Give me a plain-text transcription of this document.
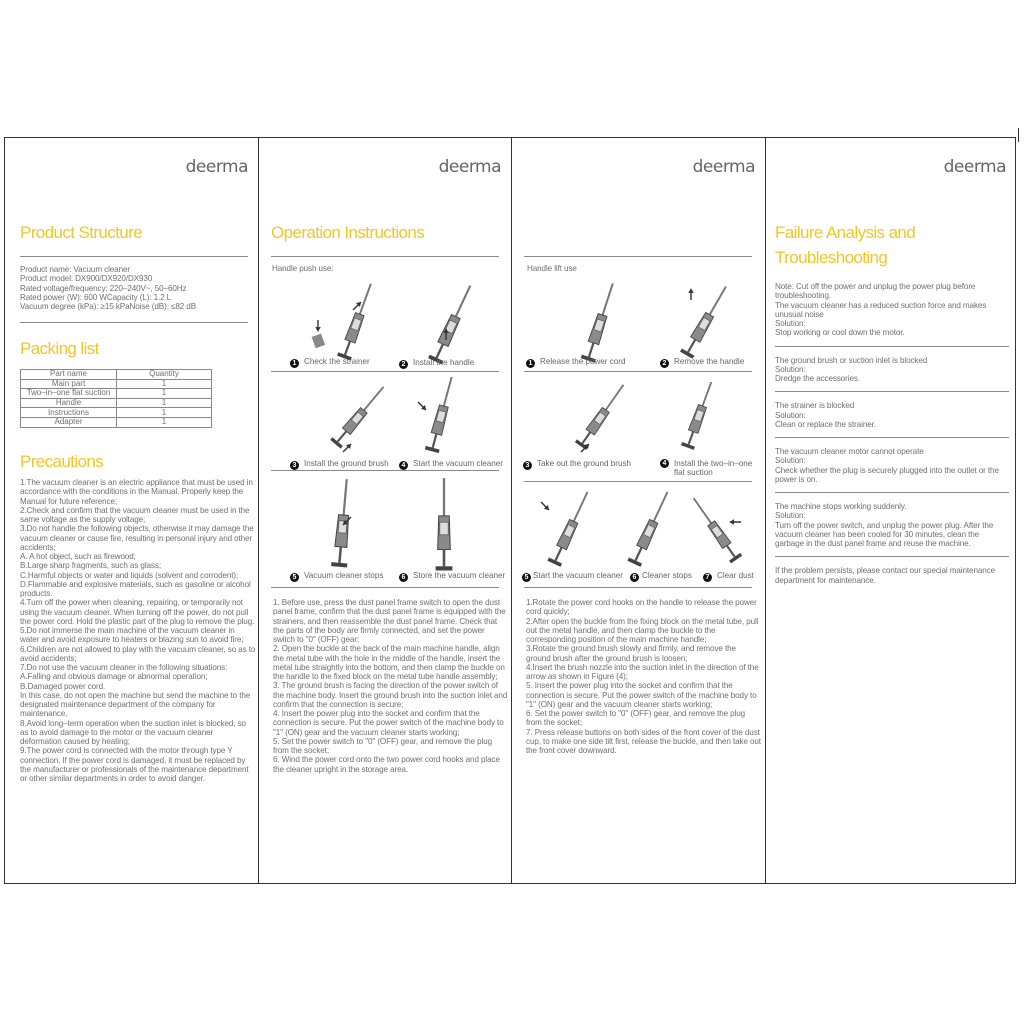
deerma
Product Structure

Product name: Vacuum cleaner

Product model: DX900/DX920/DX930

Rated voltage/frequency: 220–240V~, 50–60Hz

Rated power (W): 600 WCapacity (L): 1.2 L

Vacuum degree (kPa): ≥15 kPaNoise (dB): ≤82 dB

Packing list
Part name	Quantity
Main part	1
Two–in–one flat suction	1
Handle	1
Instructions	1
Adapter	1
Precautions

1.The vacuum cleaner is an electric appliance that must be used in accordance with the conditions in the Manual. Properly keep the Manual for future reference;

2.Check and confirm that the vacuum cleaner must be used in the same voltage as the supply voltage;

3.Do not handle the following objects, otherwise it may damage the vacuum cleaner or cause fire, resulting in personal injury and other accidents;

A. A hot object, such as firewood;

B.Large sharp fragments, such as glass;

C.Harmful objects or water and liquids (solvent and corrodent);

D.Flammable and explosive materials, such as gasoline or alcohol products.

4.Turn off the power when cleaning, repairing, or temporarily not using the vacuum cleaner. When turning off the power, do not pull the power cord. Hold the plastic part of the plug to remove the plug.

5.Do not immerse the main machine of the vacuum cleaner in water and avoid exposure to heaters or blazing sun to avoid fire;

6.Children are not allowed to play with the vacuum cleaner, so as to avoid accidents;

7.Do not use the vacuum cleaner in the following situations:

A.Falling and obvious damage or abnormal operation;

B.Damaged power cord.

In this case, do not open the machine but send the machine to the designated maintenance department of the company for maintenance.

8.Avoid long–term operation when the suction inlet is blocked, so as to avoid damage to the motor or the vacuum cleaner deformation caused by heating;

9.The power cord is connected with the motor through type Y connection. If the power cord is damaged, it must be replaced by the manufacturer or professionals of the maintenance department or other similar departments in order to avoid danger.

deerma
Operation Instructions
Handle push use:
1 Check the strainer	2 Install the handle
3 Install the ground brush	4 Start the vacuum cleaner
5 Vacuum cleaner stops	6 Store the vacuum cleaner

1. Before use, press the dust panel frame switch to open the dust panel frame, confirm that the dust panel frame is equipped with the strainers, and then reassemble the dust panel frame. Check that the parts of the body are firmly connected, and set the power switch to "0" (OFF) gear;

2. Open the buckle at the back of the main machine handle, align the metal tube with the hole in the middle of the handle, insert the metal tube straightly into the bottom, and then clamp the buckle on the handle to the fixed block on the metal tube handle assembly;

3. The ground brush is facing the direction of the power switch of the machine body. Insert the ground brush into the suction inlet and confirm that the connection is secure;

4. Insert the power plug into the socket and confirm that the connection is secure. Put the power switch of the machine body to "1" (ON) gear and the vacuum cleaner starts working;

5. Set the power switch to "0" (OFF) gear, and remove the plug from the socket;

6. Wind the power cord onto the two power cord hooks and place the cleaner upright in the storage area.

deerma
Handle lift use
1 Release the power cord	2 Remove the handle
3 Take out the ground brush	4 Install the two–in–one
flat suction
5 Start the vacuum cleaner	6 Cleaner stops	7 Clear dust

1.Rotate the power cord hooks on the handle to release the power cord quickly;

2.After open the buckle from the fixing block on the metal tube, pull out the metal handle, and then clamp the buckle to the corresponding position of the main machine handle;

3.Rotate the ground brush slowly and firmly, and remove the ground brush after the ground brush is loosen;

4.Insert the brush nozzle into the suction inlet in the direction of the arrow as shown in Figure (4);

5. Insert the power plug into the socket and confirm that the connection is secure. Put the power switch of the machine body to "1" (ON) gear and the vacuum cleaner starts working;

6. Set the power switch to "0" (OFF) gear, and remove the plug from the socket;

7. Press release buttons on both sides of the front cover of the dust cup, to make one side tilt first, release the buckle, and then take out the front cover downward.

deerma
Failure Analysis and Troubleshooting
Note: Cut off the power and unplug the power plug before troubleshooting.
The vacuum cleaner has a reduced suction force and makes unusual noise
Solution:
Stop working or cool down the motor.
The ground brush or suction inlet is blocked
Solution:
Dredge the accessories.
The strainer is blocked
Solution:
Clean or replace the strainer.
The vacuum cleaner motor cannot operate
Solution:
Check whether the plug is securely plugged into the outlet or the power is on.
The machine stops working suddenly.
Solution:
Turn off the power switch, and unplug the power plug. After the vacuum cleaner has been cooled for 30 minutes, clean the garbage in the dust panel frame and reuse the machine.
If the problem persists, please contact our special maintenance department for maintenance.
